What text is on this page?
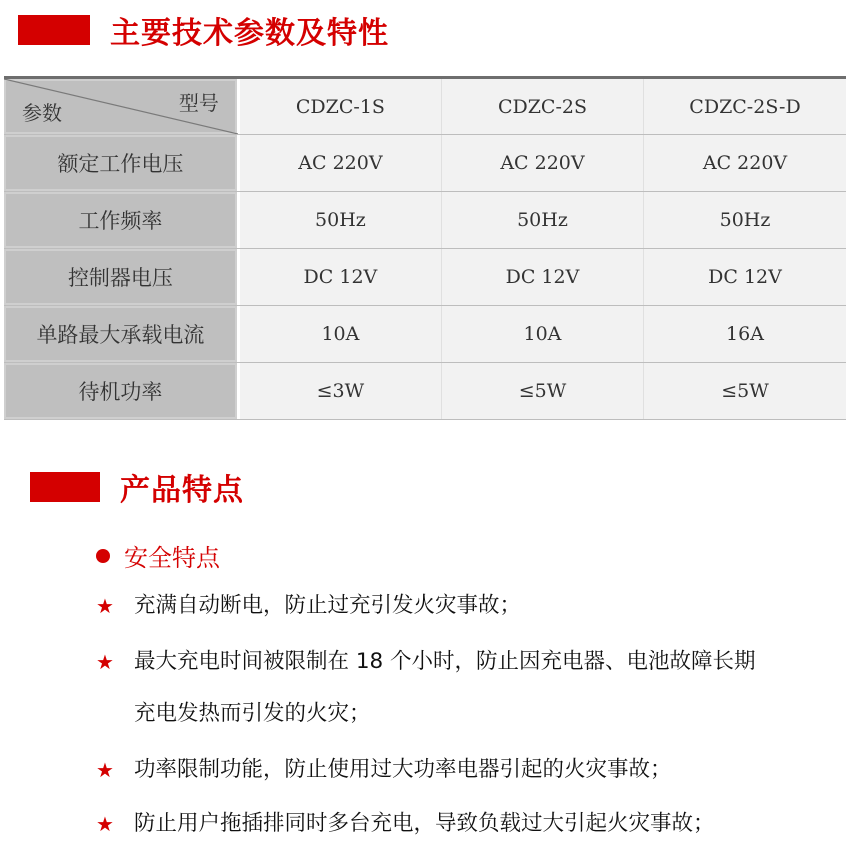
主要技术参数及特性
型号
参数	CDZC-1S	CDZC-2S	CDZC-2S-D
额定工作电压	AC 220V	AC 220V	AC 220V
工作频率	50Hz	50Hz	50Hz
控制器电压	DC 12V	DC 12V	DC 12V
单路最大承载电流	10A	10A	16A
待机功率	≤3W	≤5W	≤5W
产品特点
安全特点
★ 充满自动断电，防止过充引发火灾事故；
★ 最大充电时间被限制在 18 个小时，防止因充电器、电池故障长期
充电发热而引发的火灾；
★ 功率限制功能，防止使用过大功率电器引起的火灾事故；
★ 防止用户拖插排同时多台充电，导致负载过大引起火灾事故；
